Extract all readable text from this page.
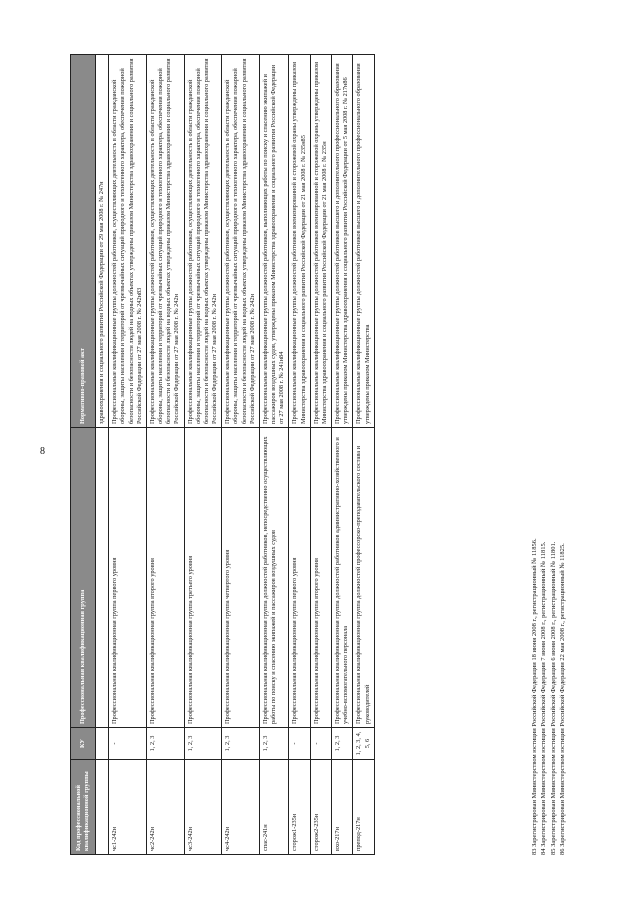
8
Код профессиональной квалификационной группы	КУ	Профессиональная квалификационная группа	Нормативно-правовой акт
			здравоохранения и социального развития Российской Федерации от 29 мая 2008 г. № 247н
чс1-242н	-	Профессиональная квалификационная группа первого уровня	Профессиональные квалификационные группы должностей работников, осуществляющих деятельность в области гражданской обороны, защиты населения и территорий от чрезвычайных ситуаций природного и техногенного характера, обеспечения пожарной безопасности и безопасности людей на водных объектах утверждены приказом Министерства здравоохранения и социального развития Российской Федерации от 27 мая 2008 г. № 242н83
чс2-242н	1, 2, 3	Профессиональная квалификационная группа второго уровня	Профессиональные квалификационные группы должностей работников, осуществляющих деятельность в области гражданской обороны, защиты населения и территорий от чрезвычайных ситуаций природного и техногенного характера, обеспечения пожарной безопасности и безопасности людей на водных объектах утверждены приказом Министерства здравоохранения и социального развития Российской Федерации от 27 мая 2008 г. № 242н
чс3-242н	1, 2, 3	Профессиональная квалификационная группа третьего уровня	Профессиональные квалификационные группы должностей работников, осуществляющих деятельность в области гражданской обороны, защиты населения и территорий от чрезвычайных ситуаций природного и техногенного характера, обеспечения пожарной безопасности и безопасности людей на водных объектах утверждены приказом Министерства здравоохранения и социального развития Российской Федерации от 27 мая 2008 г. № 242н
чс4-242н	1, 2, 3	Профессиональная квалификационная группа четвертого уровня	Профессиональные квалификационные группы должностей работников, осуществляющих деятельность в области гражданской обороны, защиты населения и территорий от чрезвычайных ситуаций природного и техногенного характера, обеспечения пожарной безопасности и безопасности людей на водных объектах утверждены приказом Министерства здравоохранения и социального развития Российской Федерации от 27 мая 2008 г. № 242н
спас-241н	1, 2, 3	Профессиональная квалификационная группа должностей работников, непосредственно осуществляющих работы по поиску и спасению экипажей и пассажиров воздушных судов	Профессиональные квалификационные группы должностей работников, выполняющих работы по поиску и спасению экипажей и пассажиров воздушных судов, утверждены приказом Министерства здравоохранения и социального развития Российской Федерации от 27 мая 2008 г. № 241н84
сторож1-235н	-	Профессиональная квалификационная группа первого уровня	Профессиональные квалификационные группы должностей работников военизированной и сторожевой охраны утверждены приказом Министерства здравоохранения и социального развития Российской Федерации от 21 мая 2008 г. № 235н85
сторож2-235н	-	Профессиональная квалификационная группа второго уровня	Профессиональные квалификационные группы должностей работников военизированной и сторожевой охраны утверждены приказом Министерства здравоохранения и социального развития Российской Федерации от 21 мая 2008 г. № 235н
вхо-217н	1, 2, 3	Профессиональная квалификационная группа должностей работников административно-хозяйственного и учебно-вспомогательного персонала	Профессиональные квалификационные группы должностей работников высшего и дополнительного профессионального образования утверждены приказом Министерства здравоохранения и социального развития Российской Федерации от 5 мая 2008 г. № 217н86
препод-217н	1, 2, 3, 4, 5, 6	Профессиональная квалификационная группа должностей профессорско-преподавательского состава и руководителей	Профессиональные квалификационные группы должностей работников высшего и дополнительного профессионального образования утверждены приказом Министерства
83 Зарегистрирован Министерством юстиции Российской Федерации 18 июня 2008 г., регистрационный № 11856. 84 Зарегистрирован Министерством юстиции Российской Федерации 7 июня 2008 г., регистрационный № 11815. 85 Зарегистрирован Министерством юстиции Российской Федерации 6 июня 2008 г., регистрационный № 11801. 86 Зарегистрирован Министерством юстиции Российской Федерации 22 мая 2008 г., регистрационный № 11825.
